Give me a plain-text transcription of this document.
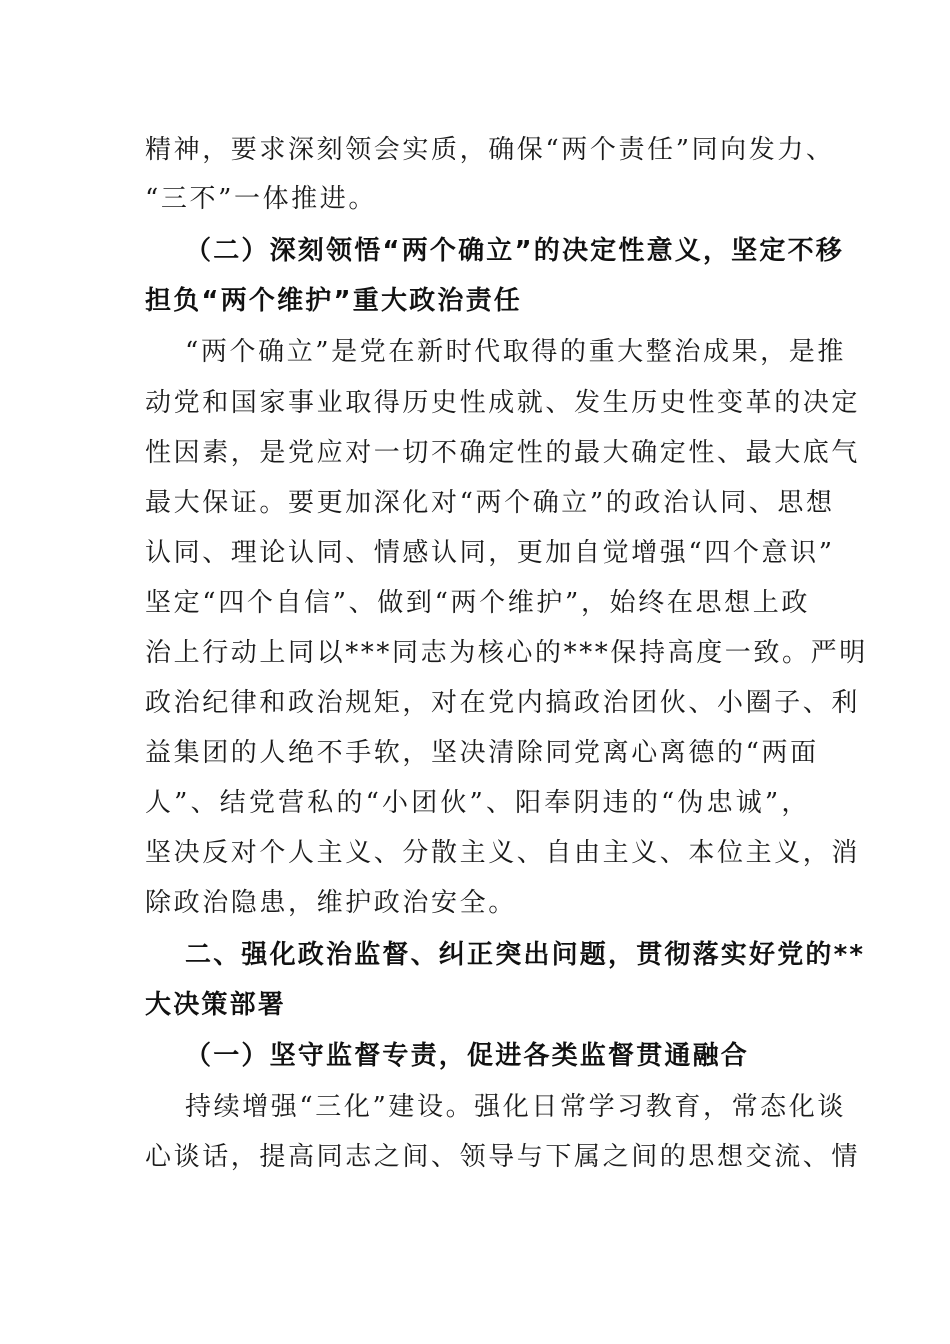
精神，要求深刻领会实质，确保“两个责任”同向发力、
“三不”一体推进。
（二）深刻领悟“两个确立”的决定性意义，坚定不移
担负“两个维护”重大政治责任
“两个确立”是党在新时代取得的重大整治成果，是推
动党和国家事业取得历史性成就、发生历史性变革的决定
性因素，是党应对一切不确定性的最大确定性、最大底气
最大保证。要更加深化对“两个确立”的政治认同、思想
认同、理论认同、情感认同，更加自觉增强“四个意识”
坚定“四个自信”、做到“两个维护”，始终在思想上政
治上行动上同以***同志为核心的***保持高度一致。严明
政治纪律和政治规矩，对在党内搞政治团伙、小圈子、利
益集团的人绝不手软，坚决清除同党离心离德的“两面
人”、结党营私的“小团伙”、阳奉阴违的“伪忠诚”，
坚决反对个人主义、分散主义、自由主义、本位主义，消
除政治隐患，维护政治安全。
二、强化政治监督、纠正突出问题，贯彻落实好党的**
大决策部署
（一）坚守监督专责，促进各类监督贯通融合
持续增强“三化”建设。强化日常学习教育，常态化谈
心谈话，提高同志之间、领导与下属之间的思想交流、情
